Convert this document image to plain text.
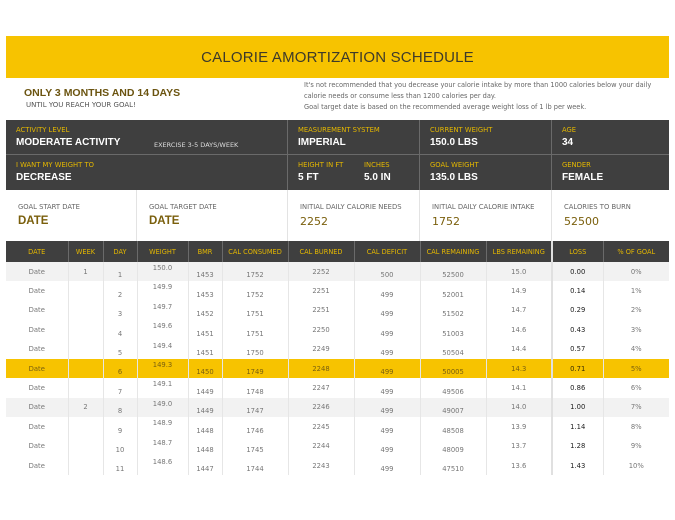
CALORIE AMORTIZATION SCHEDULE
ONLY 3 MONTHS AND 14 DAYS
UNTIL YOU REACH YOUR GOAL!
It's not recommended that you decrease your calorie intake by more than 1000 calories below your daily calorie needs or consume less than 1200 calories per day.
Goal target date is based on the recommended average weight loss of 1 lb per week.
ACTIVITY LEVEL
MODERATE ACTIVITY	EXERCISE 3-5 DAYS/WEEK
MEASUREMENT SYSTEM
IMPERIAL
CURRENT WEIGHT
150.0 LBS
AGE
34
I WANT MY WEIGHT TO
DECREASE
HEIGHT IN FT
5 FT
INCHES
5.0 IN
GOAL WEIGHT
135.0 LBS
GENDER
FEMALE
GOAL START DATE
DATE
GOAL TARGET DATE
DATE
INITIAL DAILY CALORIE NEEDS
2252
INITIAL DAILY CALORIE INTAKE
1752
CALORIES TO BURN
52500
DATE	WEEK	DAY	WEIGHT	BMR	CAL CONSUMED	CAL BURNED	CAL DEFICIT	CAL REMAINING	LBS REMAINING	LOSS	% OF GOAL
Date	1	1	150.0	1453	1752	2252	500	52500	15.0	0.00	0%
Date		2	149.9	1453	1752	2251	499	52001	14.9	0.14	1%
Date		3	149.7	1452	1751	2251	499	51502	14.7	0.29	2%
Date		4	149.6	1451	1751	2250	499	51003	14.6	0.43	3%
Date		5	149.4	1451	1750	2249	499	50504	14.4	0.57	4%
Date		6	149.3	1450	1749	2248	499	50005	14.3	0.71	5%
Date		7	149.1	1449	1748	2247	499	49506	14.1	0.86	6%
Date	2	8	149.0	1449	1747	2246	499	49007	14.0	1.00	7%
Date		9	148.9	1448	1746	2245	499	48508	13.9	1.14	8%
Date		10	148.7	1448	1745	2244	499	48009	13.7	1.28	9%
Date		11	148.6	1447	1744	2243	499	47510	13.6	1.43	10%
